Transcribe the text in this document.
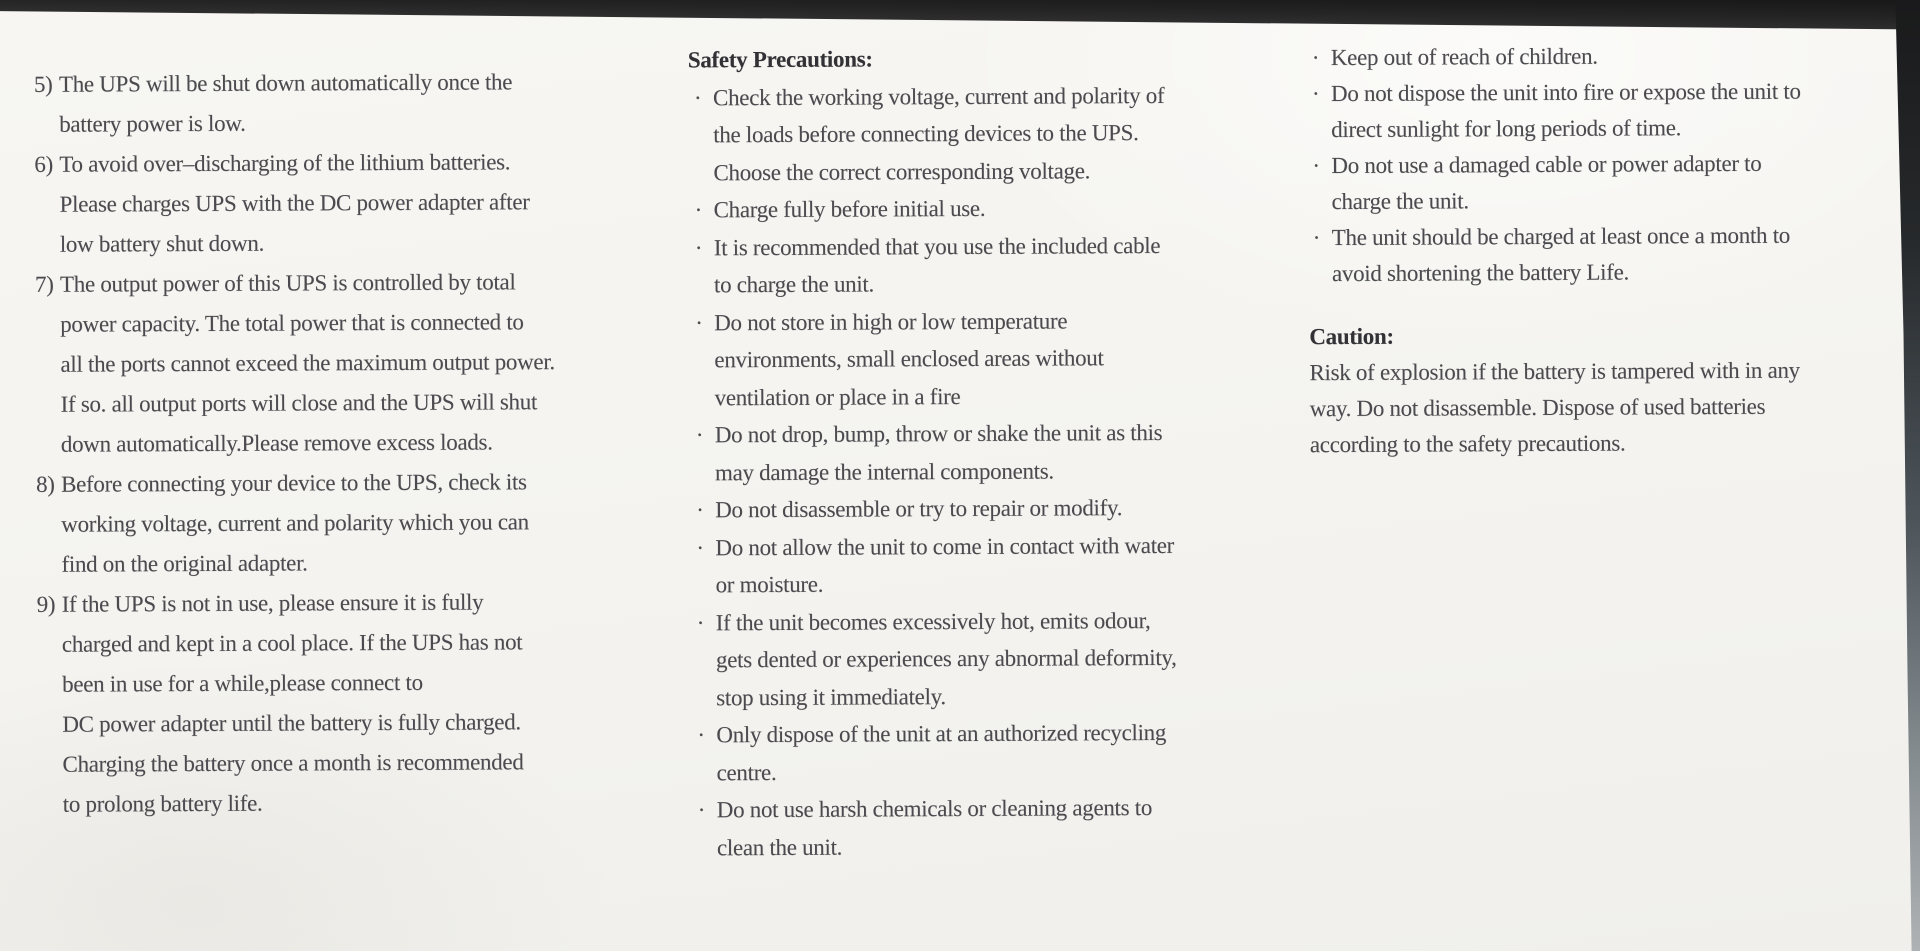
5) The UPS will be shut down automatically once the
battery power is low.
6) To avoid over–discharging of the lithium batteries.
Please charges UPS with the DC power adapter after
low battery shut down.
7) The output power of this UPS is controlled by total
power capacity. The total power that is connected to
all the ports cannot exceed the maximum output power.
If so. all output ports will close and the UPS will shut
down automatically.Please remove excess loads.
8) Before connecting your device to the UPS, check its
working voltage, current and polarity which you can
find on the original adapter.
9) If the UPS is not in use, please ensure it is fully
charged and kept in a cool place. If the UPS has not
been in use for a while,please connect to
DC power adapter until the battery is fully charged.
Charging the battery once a month is recommended
to prolong battery life.
Safety Precautions:
· Check the working voltage, current and polarity of
the loads before connecting devices to the UPS.
Choose the correct corresponding voltage.
· Charge fully before initial use.
· It is recommended that you use the included cable
to charge the unit.
· Do not store in high or low temperature
environments, small enclosed areas without
ventilation or place in a fire
· Do not drop, bump, throw or shake the unit as this
may damage the internal components.
· Do not disassemble or try to repair or modify.
· Do not allow the unit to come in contact with water
or moisture.
· If the unit becomes excessively hot, emits odour,
gets dented or experiences any abnormal deformity,
stop using it immediately.
· Only dispose of the unit at an authorized recycling
centre.
· Do not use harsh chemicals or cleaning agents to
clean the unit.
· Keep out of reach of children.
· Do not dispose the unit into fire or expose the unit to
direct sunlight for long periods of time.
· Do not use a damaged cable or power adapter to
charge the unit.
· The unit should be charged at least once a month to
avoid shortening the battery Life.
Caution:
Risk of explosion if the battery is tampered with in any
way. Do not disassemble. Dispose of used batteries
according to the safety precautions.
